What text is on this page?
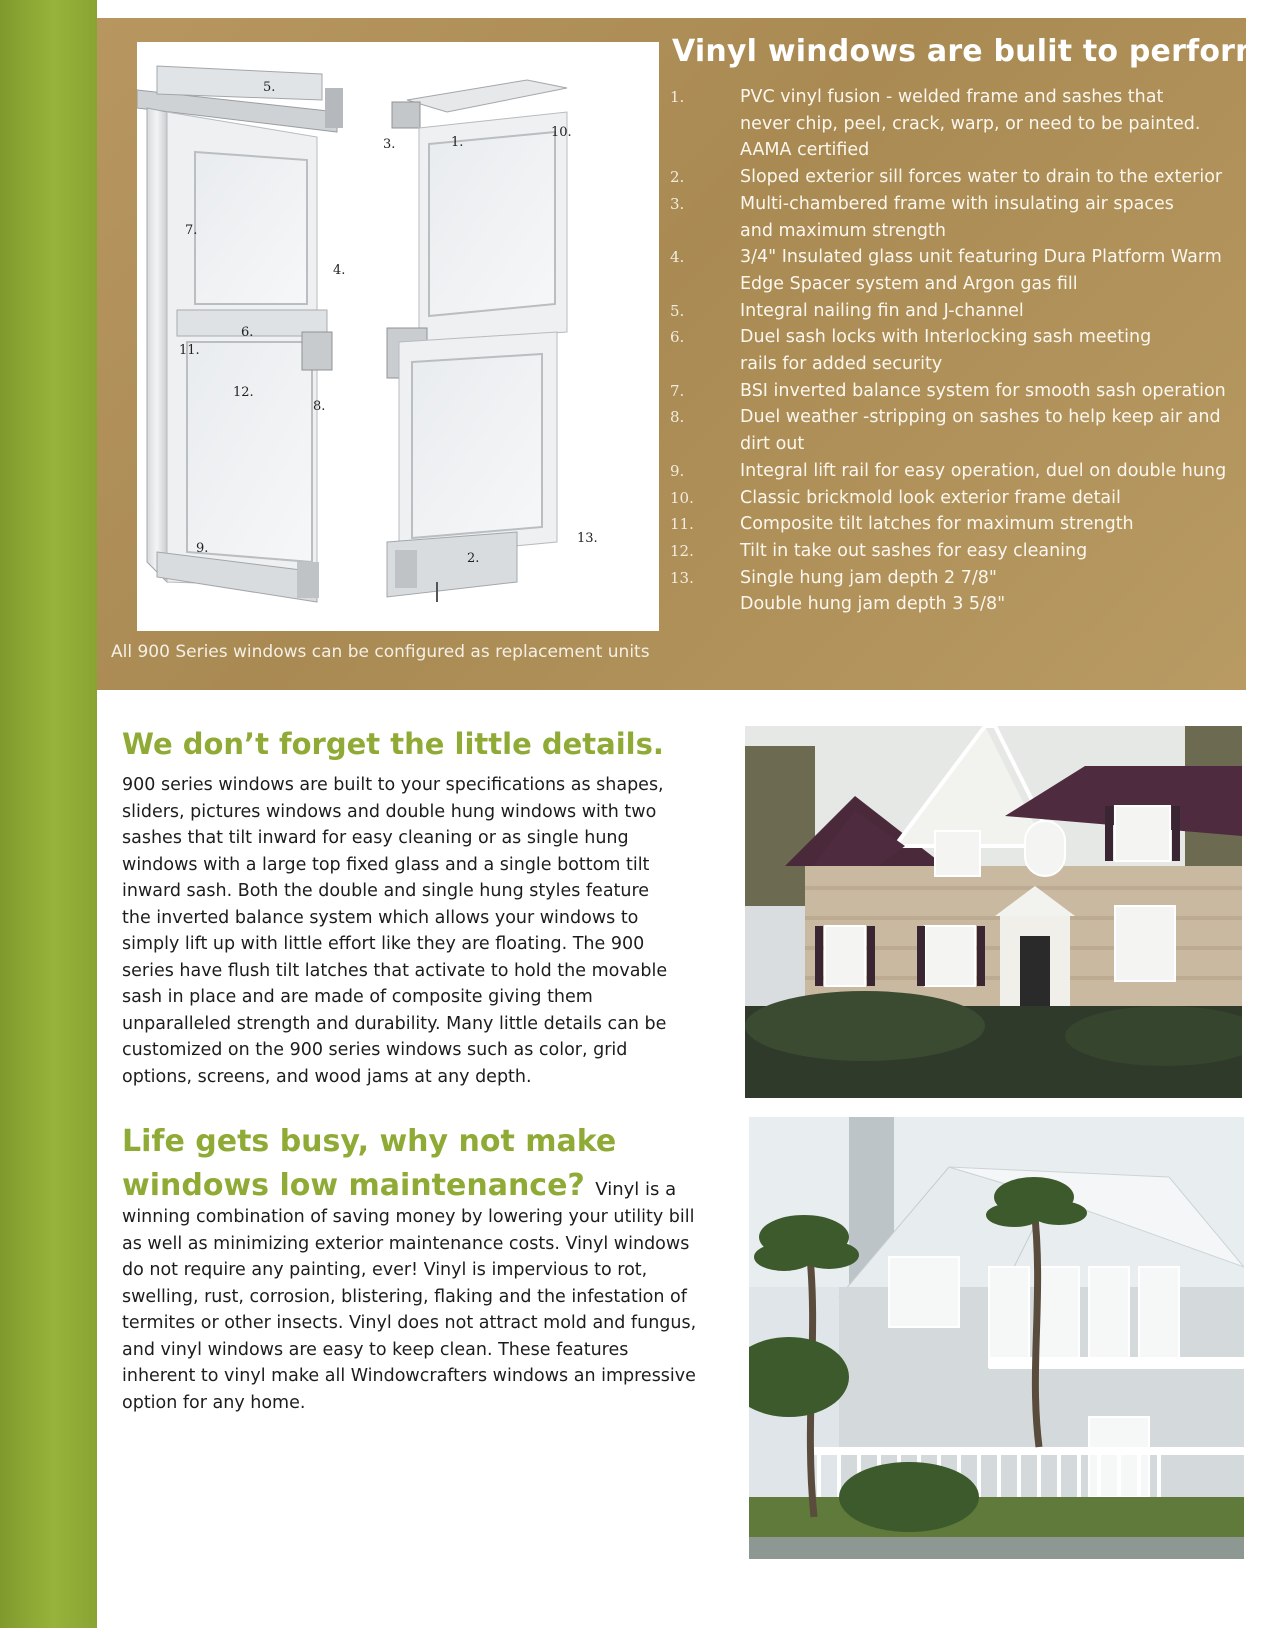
5.
3.	1.
10.
7.
4.
6.
11.
12.
8.
9.
13.
2.
All 900 Series windows can be configured as replacement units
Vinyl windows are bulit to perform
1.	PVC vinyl fusion - welded frame and sashes that
never chip, peel, crack, warp, or need to be painted.
AAMA certified
2.	Sloped exterior sill forces water to drain to the exterior
3.	Multi-chambered frame with insulating air spaces
and maximum strength
4.	3/4" Insulated glass unit featuring Dura Platform Warm
Edge Spacer system and Argon gas fill
5.	Integral nailing fin and J-channel
6.	Duel sash locks with Interlocking sash meeting
rails for added security
7.	BSI inverted balance system for smooth sash operation
8.	Duel weather -stripping on sashes to help keep air and
dirt out
9.	Integral lift rail for easy operation, duel on double hung
10.	Classic brickmold look exterior frame detail
11.	Composite tilt latches for maximum strength
12.	Tilt in take out sashes for easy cleaning
13.	Single hung jam depth 2 7/8"
Double hung jam depth 3 5/8"
We don’t forget the little details.

900 series windows are built to your specifications as shapes, sliders, pictures windows and double hung windows with two sashes that tilt inward for easy cleaning or as single hung windows with a large top fixed glass and a single bottom tilt inward sash. Both the double and single hung styles feature the inverted balance system which allows your windows to simply lift up with little effort like they are floating. The 900 series have flush tilt latches that activate to hold the movable sash in place and are made of composite giving them unparalleled strength and durability. Many little details can be customized on the 900 series windows such as color, grid options, screens, and wood jams at any depth.

Life gets busy, why not make
windows low maintenance? Vinyl is a

winning combination of saving money by lowering your utility bill as well as minimizing exterior maintenance costs. Vinyl windows do not require any painting, ever! Vinyl is impervious to rot, swelling, rust, corrosion, blistering, flaking and the infestation of termites or other insects. Vinyl does not attract mold and fungus, and vinyl windows are easy to keep clean. These features inherent to vinyl make all Windowcrafters windows an impressive option for any home.
